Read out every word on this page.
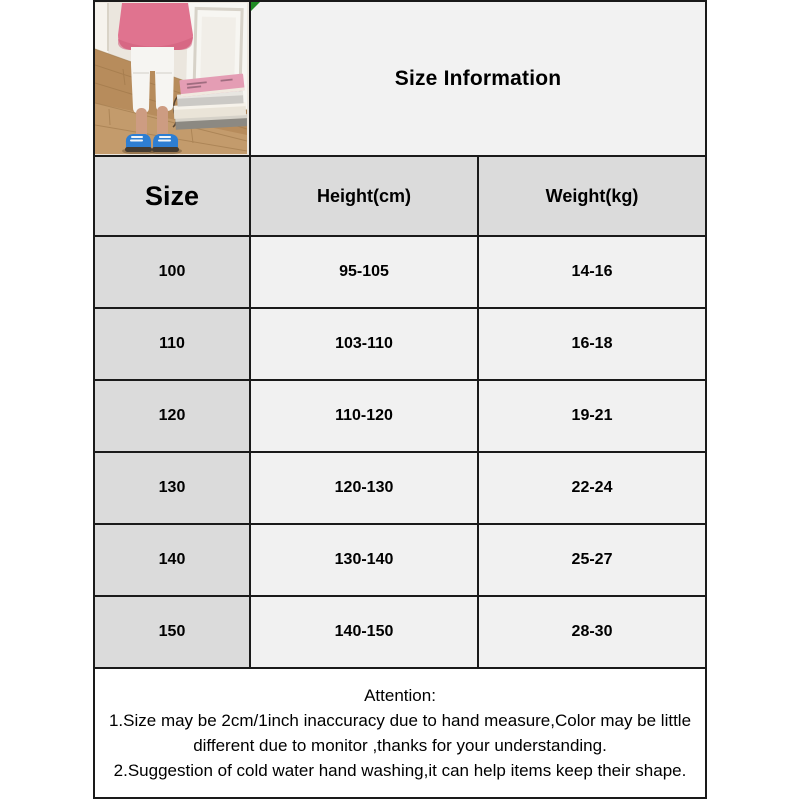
Size Information	
Size	Height(cm)	Weight(kg)
100	95-105	14-16
110	103-110	16-18
120	110-120	19-21
130	120-130	22-24
140	130-140	25-27
150	140-150	28-30

Attention:

1.Size may be 2cm/1inch inaccuracy due to hand measure,Color may be little different due to monitor ,thanks for your understanding.

2.Suggestion of cold water hand washing,it can help items keep their shape.		
